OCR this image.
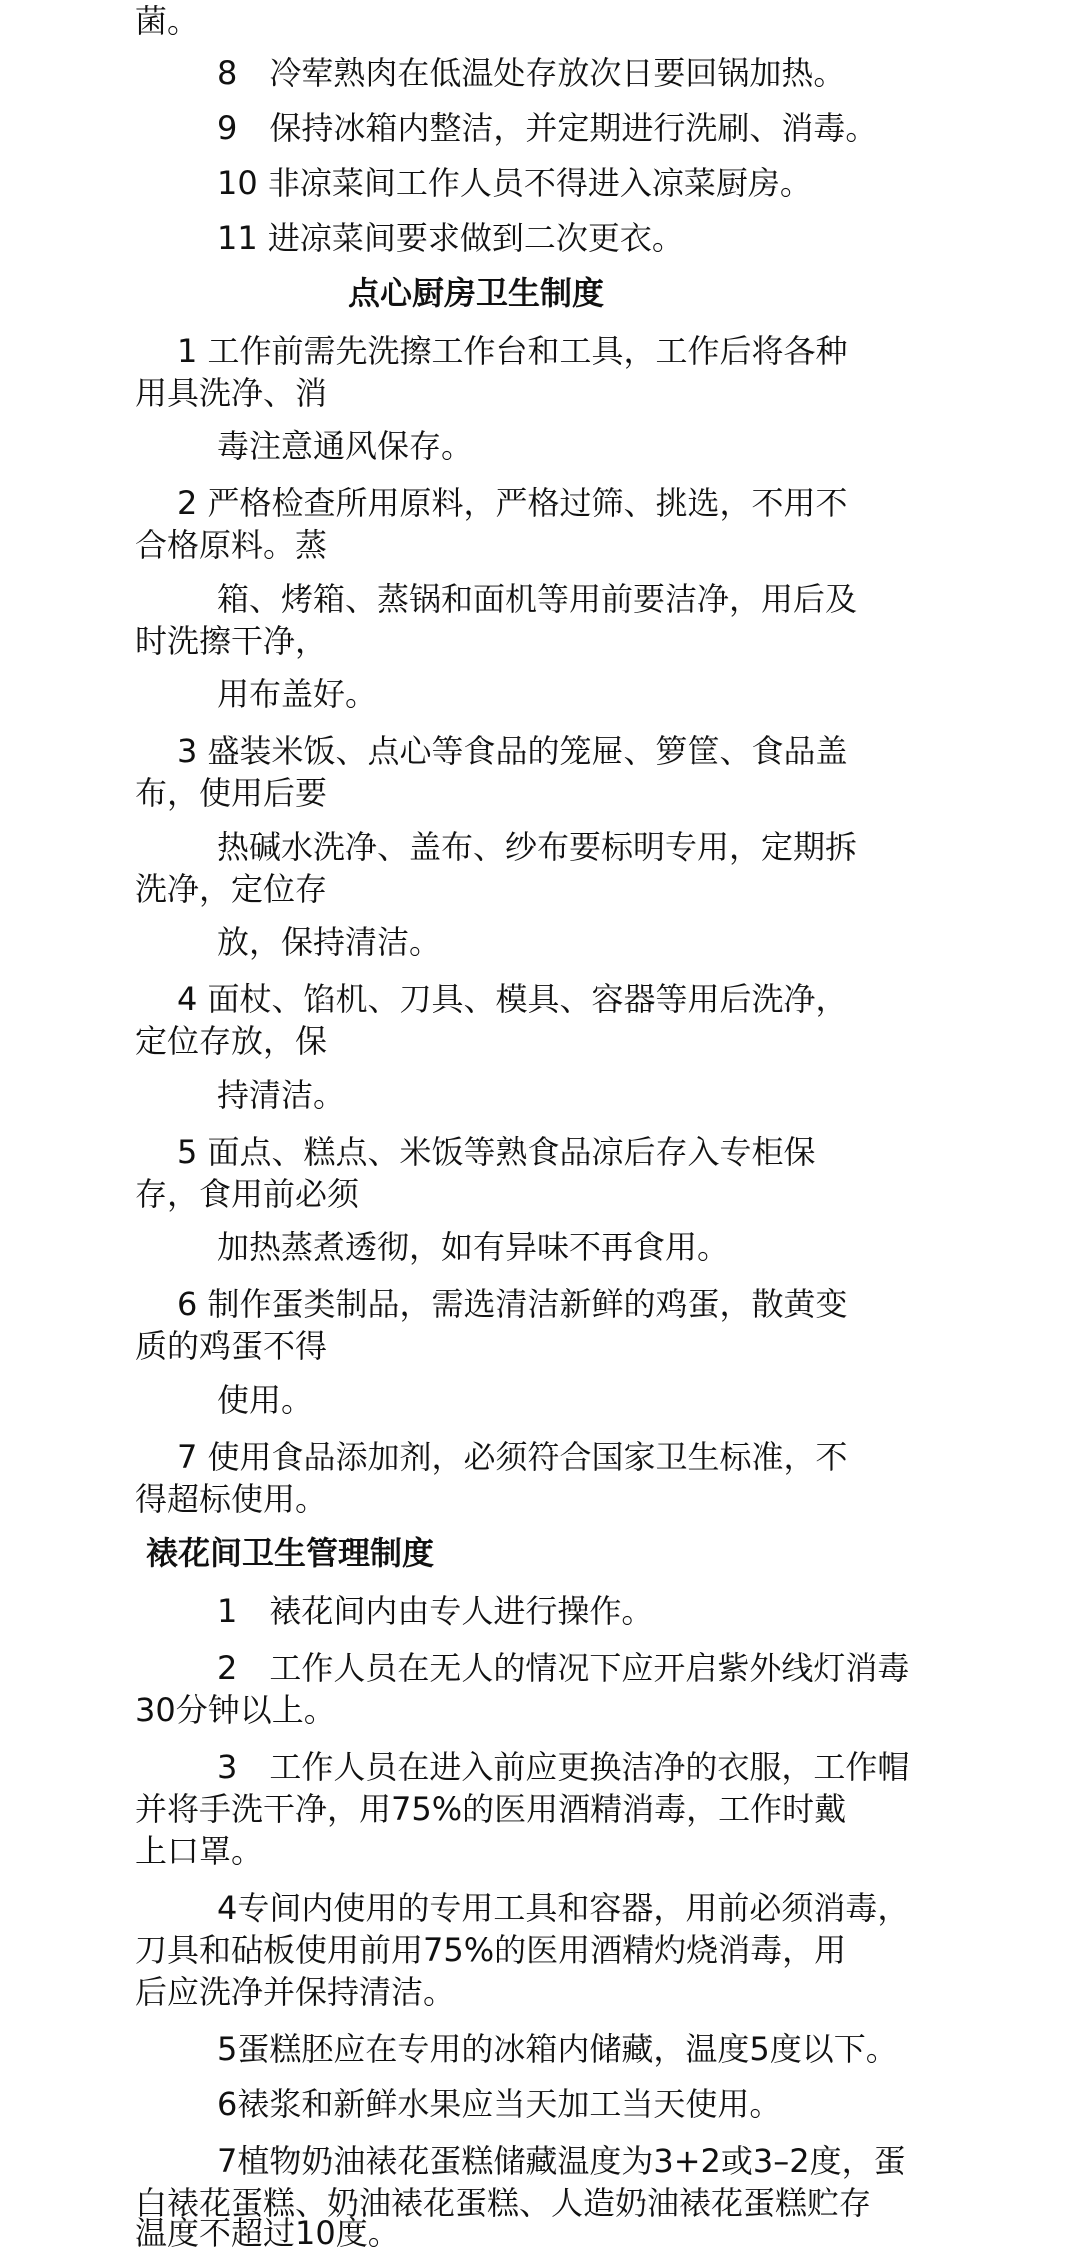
菌。
8　冷荤熟肉在低温处存放次日要回锅加热。
9　保持冰箱内整洁，并定期进行洗刷、消毒。
10 非凉菜间工作人员不得进入凉菜厨房。
11 进凉菜间要求做到二次更衣。
点心厨房卫生制度
1 工作前需先洗擦工作台和工具，工作后将各种
用具洗净、消
毒注意通风保存。
2 严格检查所用原料，严格过筛、挑选，不用不
合格原料。蒸
箱、烤箱、蒸锅和面机等用前要洁净，用后及
时洗擦干净，
用布盖好。
3 盛装米饭、点心等食品的笼屉、箩筐、食品盖
布，使用后要
热碱水洗净、盖布、纱布要标明专用，定期拆
洗净，定位存
放，保持清洁。
4 面杖、馅机、刀具、模具、容器等用后洗净，
定位存放，保
持清洁。
5 面点、糕点、米饭等熟食品凉后存入专柜保
存，食用前必须
加热蒸煮透彻，如有异味不再食用。
6 制作蛋类制品，需选清洁新鲜的鸡蛋，散黄变
质的鸡蛋不得
使用。
7 使用食品添加剂，必须符合国家卫生标准，不
得超标使用。
裱花间卫生管理制度
1　裱花间内由专人进行操作。
2　工作人员在无人的情况下应开启紫外线灯消毒
30分钟以上。
3　工作人员在进入前应更换洁净的衣服，工作帽
并将手洗干净，用75%的医用酒精消毒，工作时戴
上口罩。
4专间内使用的专用工具和容器，用前必须消毒，
刀具和砧板使用前用75%的医用酒精灼烧消毒，用
后应洗净并保持清洁。
5蛋糕胚应在专用的冰箱内储藏，温度5度以下。
6裱浆和新鲜水果应当天加工当天使用。
7植物奶油裱花蛋糕储藏温度为3+2或3–2度，蛋
白裱花蛋糕、奶油裱花蛋糕、人造奶油裱花蛋糕贮存
温度不超过10度。
